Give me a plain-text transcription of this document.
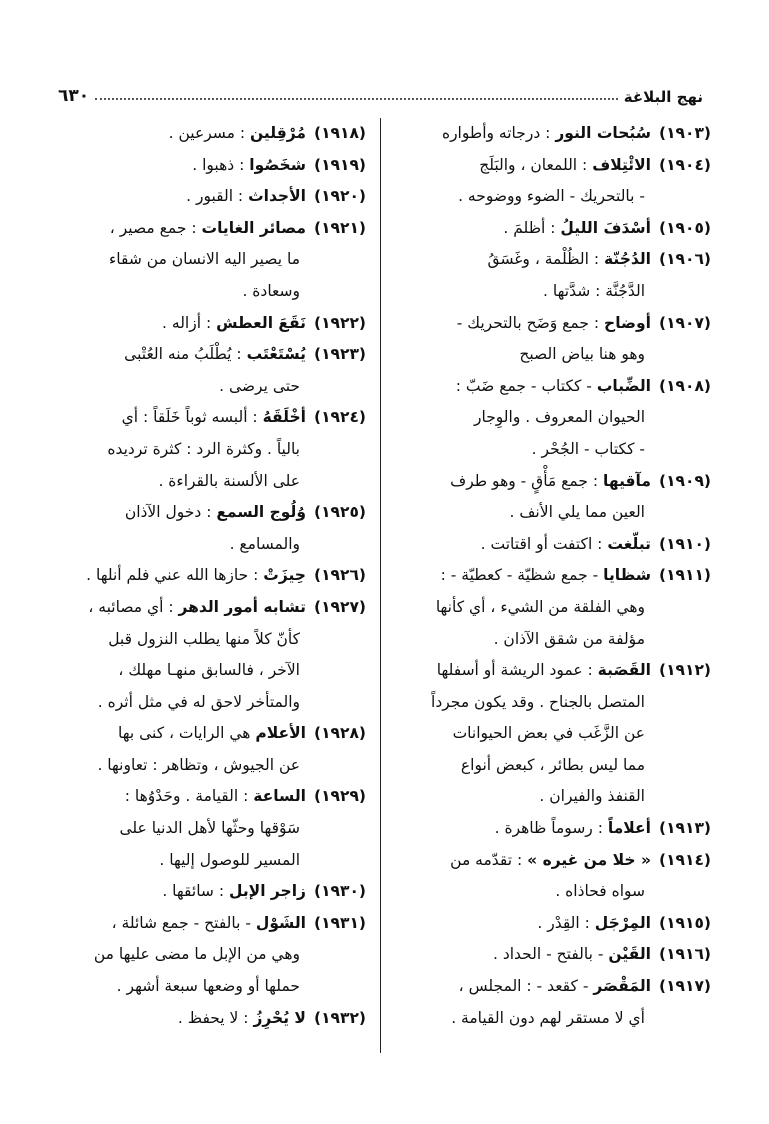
٦٣٠	نهج البلاغة
(١٩٠٣)سُبُحات النور : درجاته وأطواره
(١٩٠٤)الائْتِلاف : اللمعان ، والبَلَج
- بالتحريك - الضوء ووضوحه .
(١٩٠٥)أسْدَفَ الليلُ : أظلمَ .
(١٩٠٦)الدُجُنّة : الظُلْمة ، وغَسَقُ
الدَّجُنَّة : شدَّتها .
(١٩٠٧)أوضاح : جمع وَضَح بالتحريك -
وهو هنا بياض الصبح
(١٩٠٨)الضِّباب - ككتاب - جمع ضَبّ :
الحيوان المعروف . والوِجار
- ككتاب - الجُحْر .
(١٩٠٩)مآقيها : جمع مَأْقٍ - وهو طرف
العين مما يلي الأنف .
(١٩١٠)تبلّغت : اكتفت أو اقتاتت .
(١٩١١)شظايا - جمع شظيّة - كعطيّة - :
وهي الفلقة من الشيء ، أي كأنها
مؤلفة من شقق الآذان .
(١٩١٢)القَصَبة : عمود الريشة أو أسفلها
المتصل بالجناح . وقد يكون مجرداً
عن الزَّغَب في بعض الحيوانات
مما ليس بطائر ، كبعض أنواع
القنفذ والفيران .
(١٩١٣)أعلاماً : رسوماً ظاهرة .
(١٩١٤)« خلا من غيره » : تقدّمه من
سواه فحاذاه .
(١٩١٥)المِرْجَل : القِدْر .
(١٩١٦)القَيْن - بالفتح - الحداد .
(١٩١٧)المَقْصَر - كقعد - : المجلس ،
أي لا مستقر لهم دون القيامة .
(١٩١٨)مُرْقِلين : مسرعين .
(١٩١٩)شخَصُوا : ذهبوا .
(١٩٢٠)الأجداث : القبور .
(١٩٢١)مصائر الغايات : جمع مصير ،
ما يصير اليه الانسان من شقاء
وسعادة .
(١٩٢٢)نَقَعَ العطش : أزاله .
(١٩٢٣)يُسْتَعْتَب : يُطْلَبُ منه العُتْبى
حتى يرضى .
(١٩٢٤)أخْلَقَهُ : ألبسه ثوباً خَلَقاً : أي
بالياً . وكثرة الرد : كثرة ترديده
على الألسنة بالقراءة .
(١٩٢٥)وُلُوج السمع : دخول الآذان
والمسامع .
(١٩٢٦)حِيزَتْ : حازها الله عني فلم أنلها .
(١٩٢٧)تشابه أمور الدهر : أي مصائبه ،
كأنّ كلاً منها يطلب النزول قبل
الآخر ، فالسابق منهـا مهلك ،
والمتأخر لاحق له في مثل أثره .
(١٩٢٨)الأعلام هي الرايات ، كنى بها
عن الجيوش ، وتظاهر : تعاونها .
(١٩٢٩)الساعة : القيامة . وحَدْوُها :
سَوْقها وحثّها لأهل الدنيا على
المسير للوصول إليها .
(١٩٣٠)زاجر الإبل : سائقها .
(١٩٣١)الشَوْل - بالفتح - جمع شائلة ،
وهي من الإبل ما مضى عليها من
حملها أو وضعها سبعة أشهر .
(١٩٣٢)لا يُحْرِزُ : لا يحفظ .
